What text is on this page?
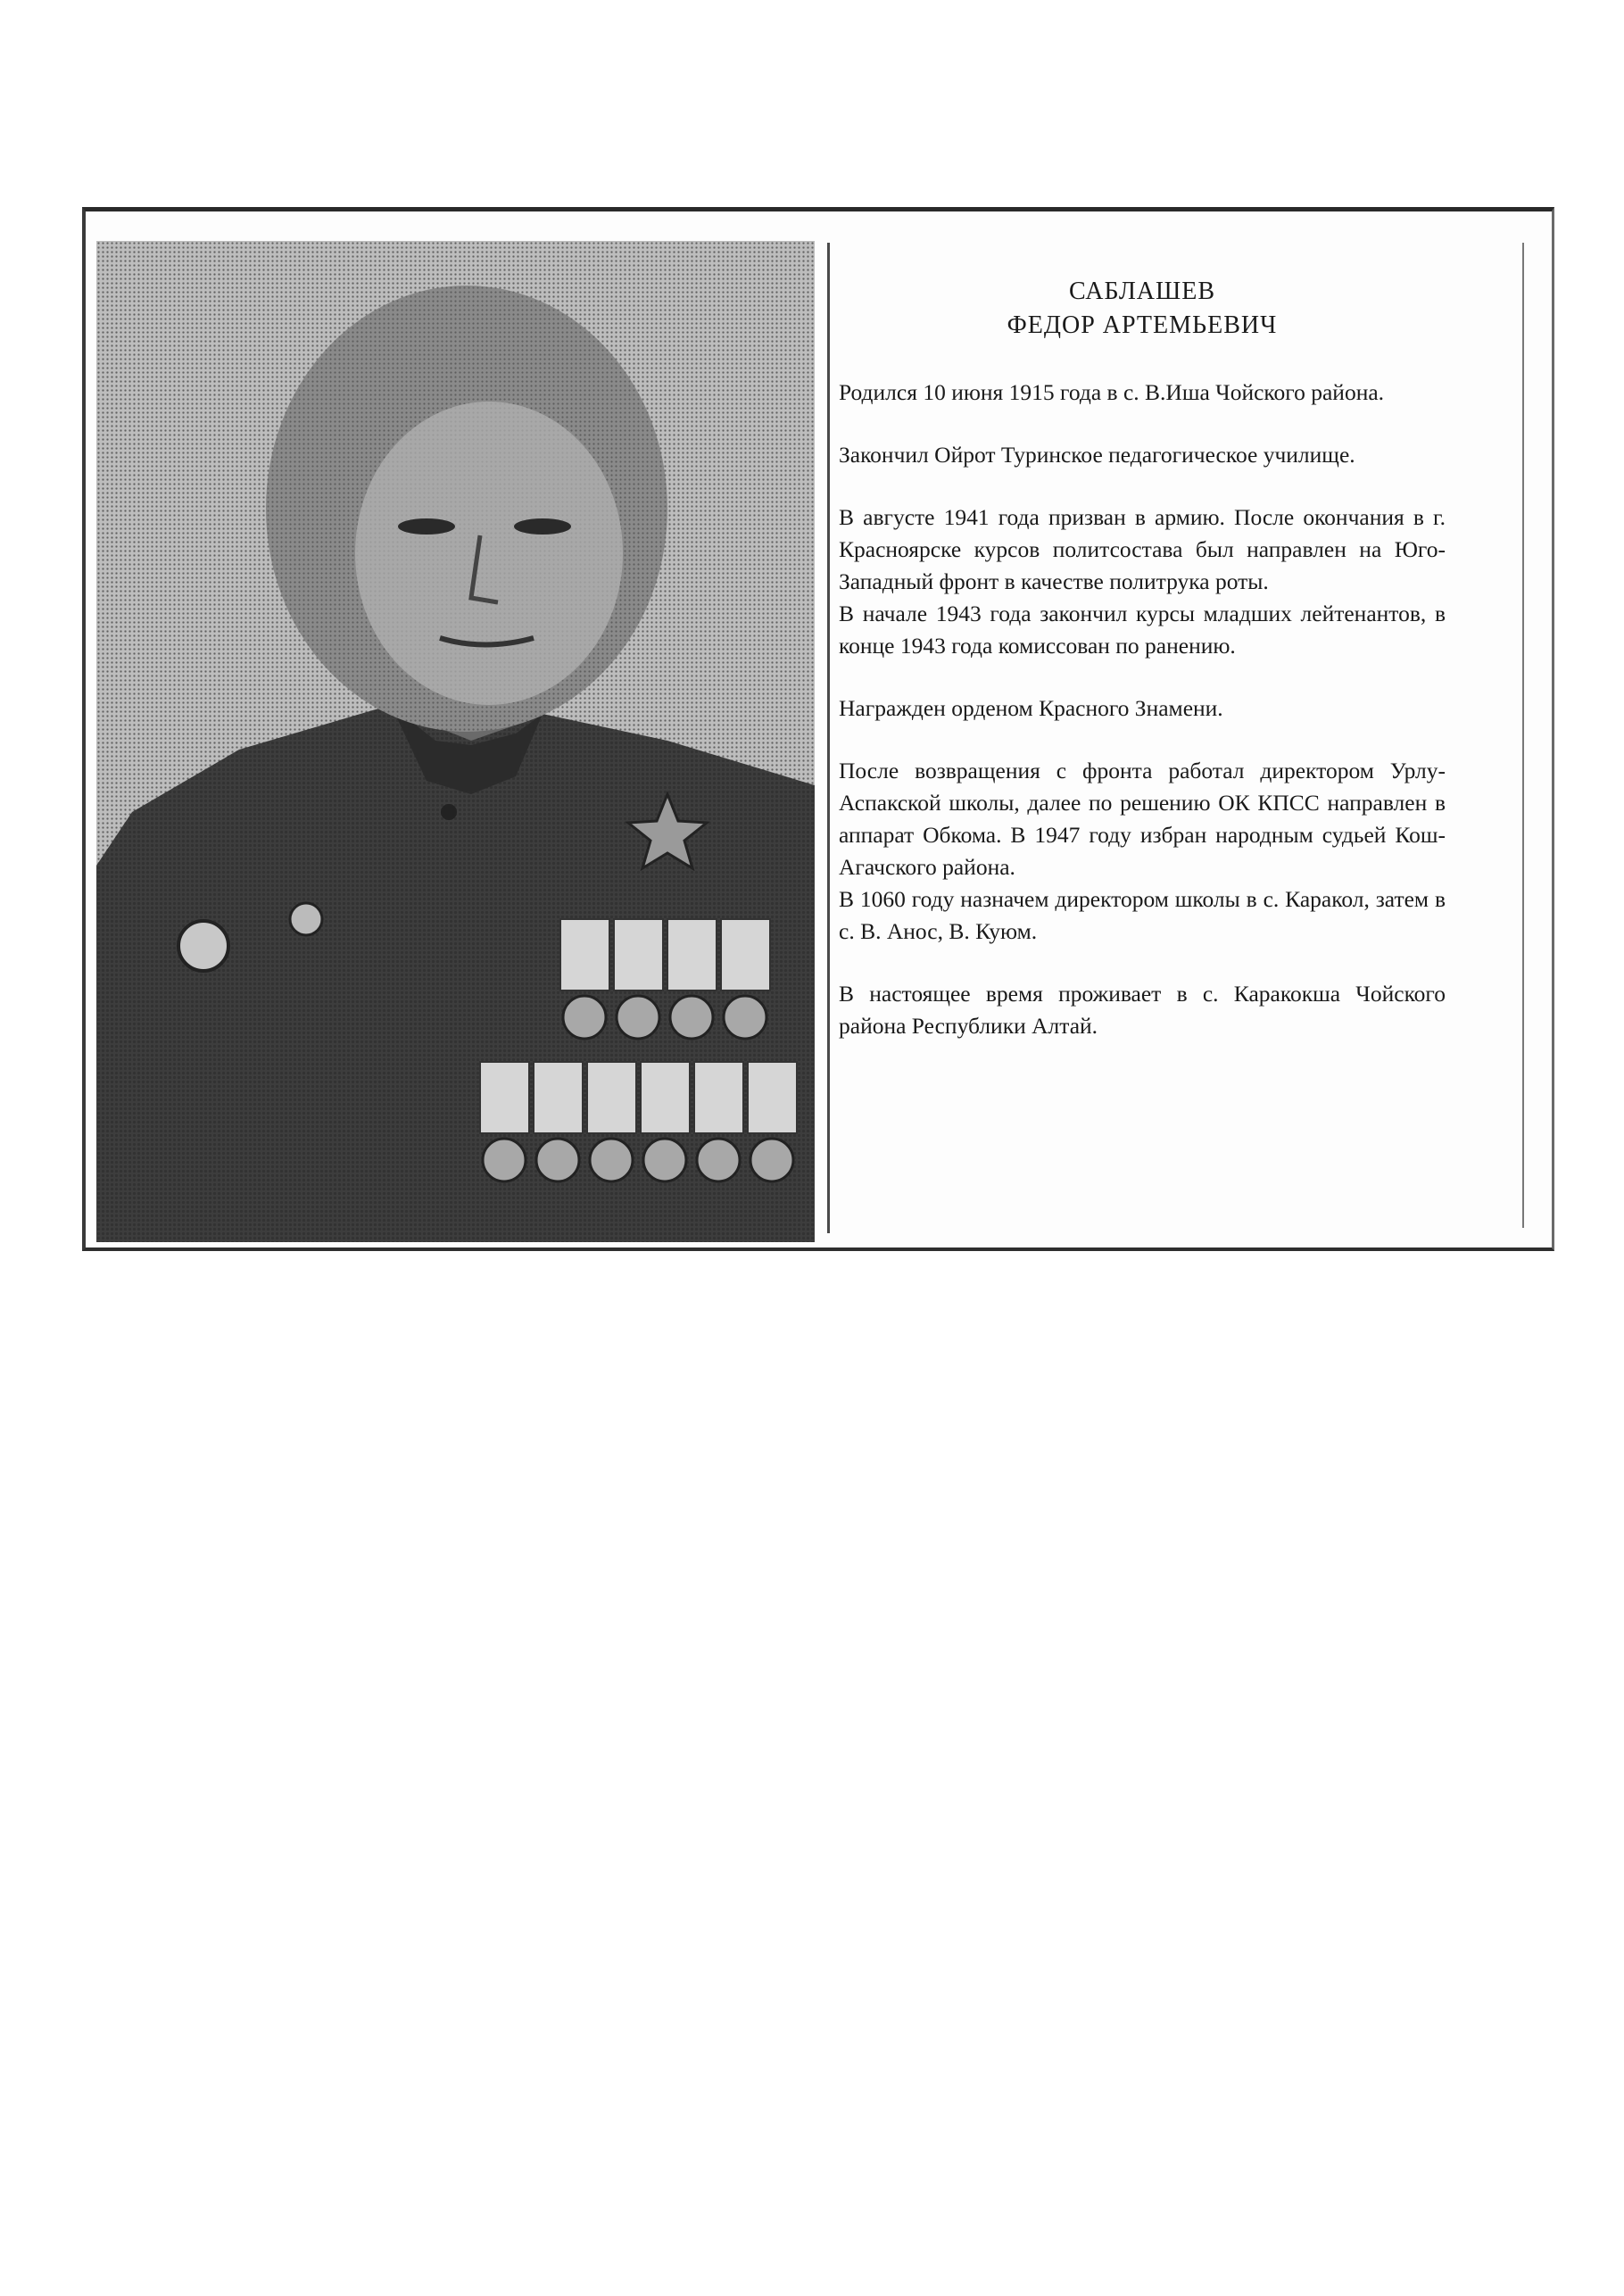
САБЛАШЕВ
ФЕДОР АРТЕМЬЕВИЧ

Родился 10 июня 1915 года в с. В.Иша Чойского района.

Закончил Ойрот Туринское педагогическое училище.

В августе 1941 года призван в армию. После окончания в г. Красноярске курсов политсостава был направлен на Юго-Западный фронт в качестве политрука роты.

В начале 1943 года закончил курсы младших лейтенантов, в конце 1943 года комиссован по ранению.

Награжден орденом Красного Знамени.

После возвращения с фронта работал директором Урлу-Аспакской школы, далее по решению ОК КПСС направлен в аппарат Обкома. В 1947 году избран народным судьей Кош-Агачского района.

В 1060 году назначем директором школы в с. Каракол, затем в с. В. Анос, В. Куюм.

В настоящее время проживает в с. Каракокша Чойского района Республики Алтай.
